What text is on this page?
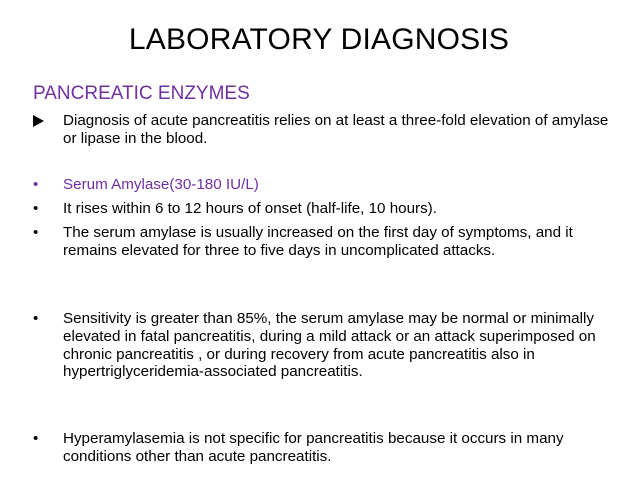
LABORATORY DIAGNOSIS
PANCREATIC ENZYMES
Diagnosis of acute pancreatitis relies on at least a three-fold elevation of amylase or lipase in the blood.
•	Serum Amylase(30-180 IU/L)
•	It rises within 6 to 12 hours of onset (half-life, 10 hours).
•	The serum amylase is usually increased on the first day of symptoms, and it remains elevated for three to five days in uncomplicated attacks.
•	Sensitivity is greater than 85%, the serum amylase may be normal or minimally elevated in fatal pancreatitis, during a mild attack or an attack superimposed on chronic pancreatitis , or during recovery from acute pancreatitis also in hypertriglyceridemia-associated pancreatitis.
•	Hyperamylasemia is not specific for pancreatitis because it occurs in many conditions other than acute pancreatitis.
